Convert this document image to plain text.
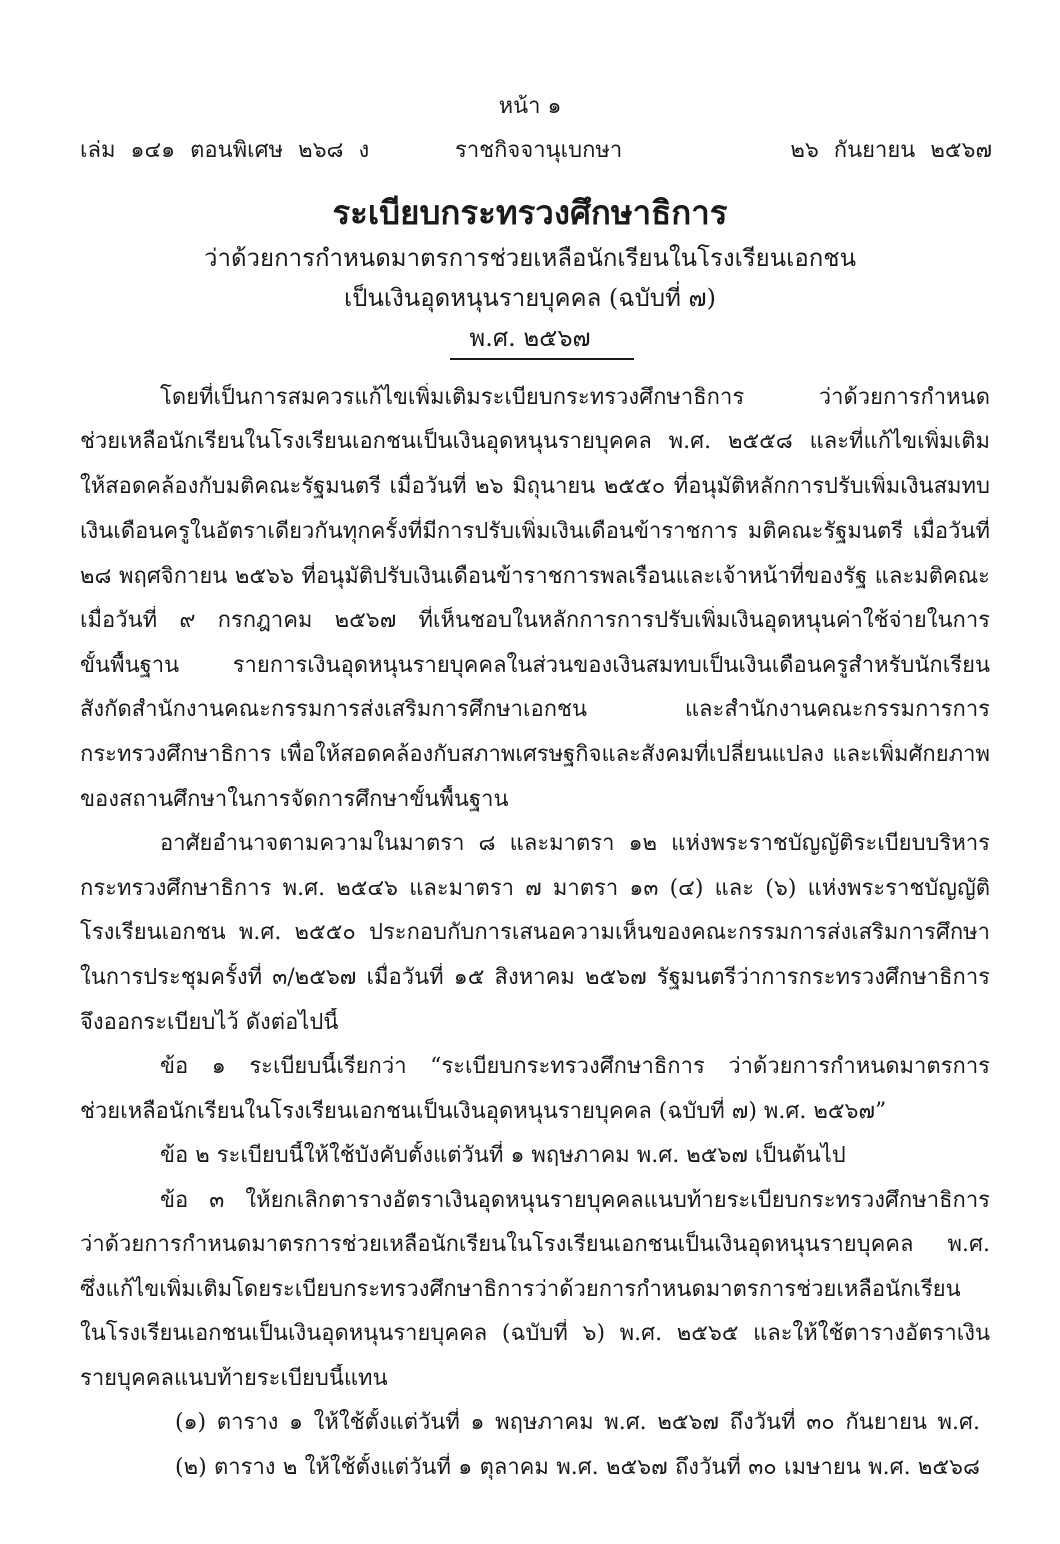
หน้า ๑
เล่ม ๑๔๑ ตอนพิเศษ ๒๖๘ ง	ราชกิจจานุเบกษา	๒๖ กันยายน ๒๕๖๗
ระเบียบกระทรวงศึกษาธิการ
ว่าด้วยการกำหนดมาตรการช่วยเหลือนักเรียนในโรงเรียนเอกชน
เป็นเงินอุดหนุนรายบุคคล (ฉบับที่ ๗)
พ.ศ. ๒๕๖๗
โดยที่เป็นการสมควรแก้ไขเพิ่มเติมระเบียบกระทรวงศึกษาธิการ ว่าด้วยการกำหนด
ช่วยเหลือนักเรียนในโรงเรียนเอกชนเป็นเงินอุดหนุนรายบุคคล พ.ศ. ๒๕๕๘ และที่แก้ไขเพิ่มเติม
ให้สอดคล้องกับมติคณะรัฐมนตรี เมื่อวันที่ ๒๖ มิถุนายน ๒๕๕๐ ที่อนุมัติหลักการปรับเพิ่มเงินสมทบ
เงินเดือนครูในอัตราเดียวกันทุกครั้งที่มีการปรับเพิ่มเงินเดือนข้าราชการ มติคณะรัฐมนตรี เมื่อวันที่
๒๘ พฤศจิกายน ๒๕๖๖ ที่อนุมัติปรับเงินเดือนข้าราชการพลเรือนและเจ้าหน้าที่ของรัฐ และมติคณะ
เมื่อวันที่ ๙ กรกฎาคม ๒๕๖๗ ที่เห็นชอบในหลักการการปรับเพิ่มเงินอุดหนุนค่าใช้จ่ายในการ
ขั้นพื้นฐาน รายการเงินอุดหนุนรายบุคคลในส่วนของเงินสมทบเป็นเงินเดือนครูสำหรับนักเรียน
สังกัดสำนักงานคณะกรรมการส่งเสริมการศึกษาเอกชน และสำนักงานคณะกรรมการการ
กระทรวงศึกษาธิการ เพื่อให้สอดคล้องกับสภาพเศรษฐกิจและสังคมที่เปลี่ยนแปลง และเพิ่มศักยภาพ
ของสถานศึกษาในการจัดการศึกษาขั้นพื้นฐาน
อาศัยอำนาจตามความในมาตรา ๘ และมาตรา ๑๒ แห่งพระราชบัญญัติระเบียบบริหาร
กระทรวงศึกษาธิการ พ.ศ. ๒๕๔๖ และมาตรา ๗ มาตรา ๑๓ (๔) และ (๖) แห่งพระราชบัญญัติ
โรงเรียนเอกชน พ.ศ. ๒๕๕๐ ประกอบกับการเสนอความเห็นของคณะกรรมการส่งเสริมการศึกษา
ในการประชุมครั้งที่ ๓/๒๕๖๗ เมื่อวันที่ ๑๕ สิงหาคม ๒๕๖๗ รัฐมนตรีว่าการกระทรวงศึกษาธิการ
จึงออกระเบียบไว้ ดังต่อไปนี้
ข้อ ๑ ระเบียบนี้เรียกว่า “ระเบียบกระทรวงศึกษาธิการ ว่าด้วยการกำหนดมาตรการ
ช่วยเหลือนักเรียนในโรงเรียนเอกชนเป็นเงินอุดหนุนรายบุคคล (ฉบับที่ ๗) พ.ศ. ๒๕๖๗”
ข้อ ๒ ระเบียบนี้ให้ใช้บังคับตั้งแต่วันที่ ๑ พฤษภาคม พ.ศ. ๒๕๖๗ เป็นต้นไป
ข้อ ๓ ให้ยกเลิกตารางอัตราเงินอุดหนุนรายบุคคลแนบท้ายระเบียบกระทรวงศึกษาธิการ
ว่าด้วยการกำหนดมาตรการช่วยเหลือนักเรียนในโรงเรียนเอกชนเป็นเงินอุดหนุนรายบุคคล พ.ศ.
ซึ่งแก้ไขเพิ่มเติมโดยระเบียบกระทรวงศึกษาธิการว่าด้วยการกำหนดมาตรการช่วยเหลือนักเรียน
ในโรงเรียนเอกชนเป็นเงินอุดหนุนรายบุคคล (ฉบับที่ ๖) พ.ศ. ๒๕๖๕ และให้ใช้ตารางอัตราเงิน
รายบุคคลแนบท้ายระเบียบนี้แทน
(๑) ตาราง ๑ ให้ใช้ตั้งแต่วันที่ ๑ พฤษภาคม พ.ศ. ๒๕๖๗ ถึงวันที่ ๓๐ กันยายน พ.ศ.
(๒) ตาราง ๒ ให้ใช้ตั้งแต่วันที่ ๑ ตุลาคม พ.ศ. ๒๕๖๗ ถึงวันที่ ๓๐ เมษายน พ.ศ. ๒๕๖๘
